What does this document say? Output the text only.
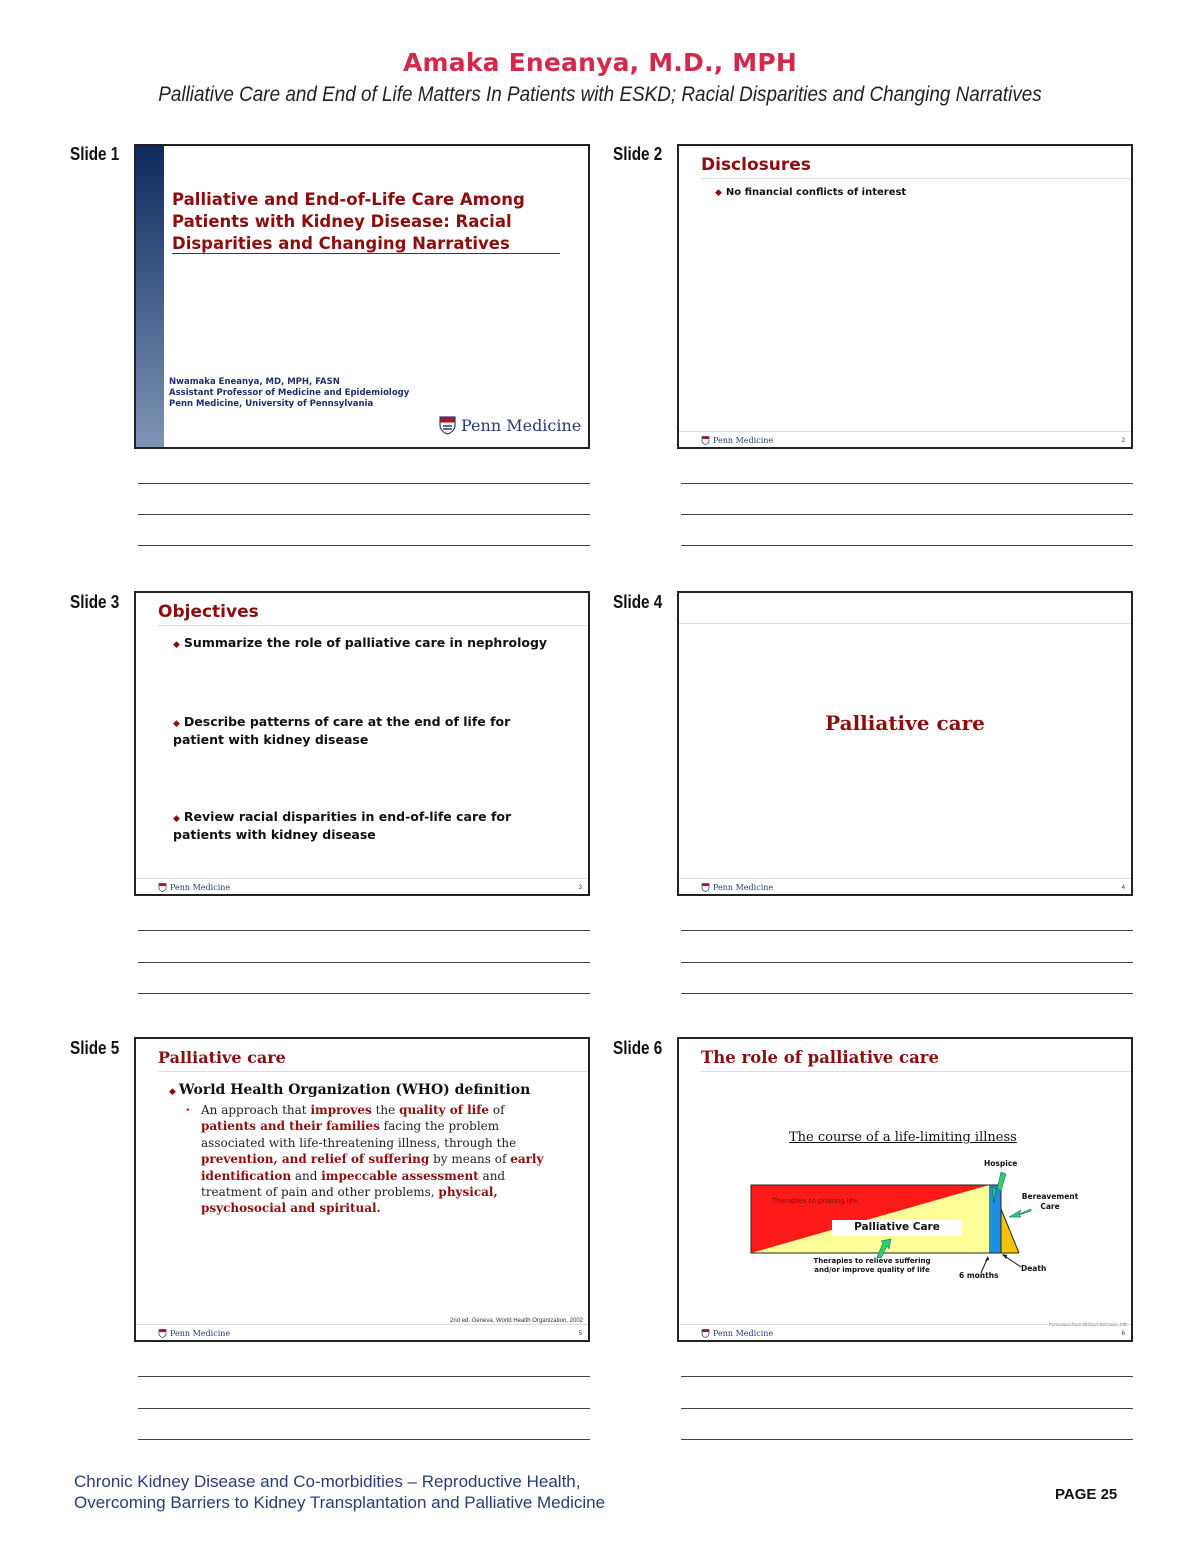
Amaka Eneanya, M.D., MPH
Palliative Care and End of Life Matters In Patients with ESKD; Racial Disparities and Changing Narratives
Slide 1
Palliative and End-of-Life Care Among Patients with Kidney Disease: Racial Disparities and Changing Narratives
Nwamaka Eneanya, MD, MPH, FASN
Assistant Professor of Medicine and Epidemiology
Penn Medicine, University of Pennsylvania
Penn Medicine
Slide 2
Disclosures
◆ No financial conflicts of interest
Penn Medicine	2
Slide 3 Objectives
◆ Summarize the role of palliative care in nephrology
◆ Describe patterns of care at the end of life for patient with kidney disease
◆ Review racial disparities in end-of-life care for patients with kidney disease
Penn Medicine	3
Slide 4
Palliative care
Penn Medicine	4
Slide 5 Palliative care
◆ World Health Organization (WHO) definition
• An approach that improves the quality of life of patients and their families facing the problem associated with life-threatening illness, through the prevention, and relief of suffering by means of early identification and impeccable assessment and treatment of pain and other problems, physical, psychosocial and spiritual.
2nd ed. Geneva, World Health Organization, 2002
Penn Medicine	5
Slide 6 The role of palliative care
The course of a life-limiting illness
Hospice
Therapies to prolong life	Bereavement Care
Palliative Care
Therapies to relieve suffering and/or improve quality of life
6 months
Death
Permission from Michael Gelmann, MD
Penn Medicine	6
Chronic Kidney Disease and Co-morbidities – Reproductive Health,
Overcoming Barriers to Kidney Transplantation and Palliative Medicine	PAGE 25
